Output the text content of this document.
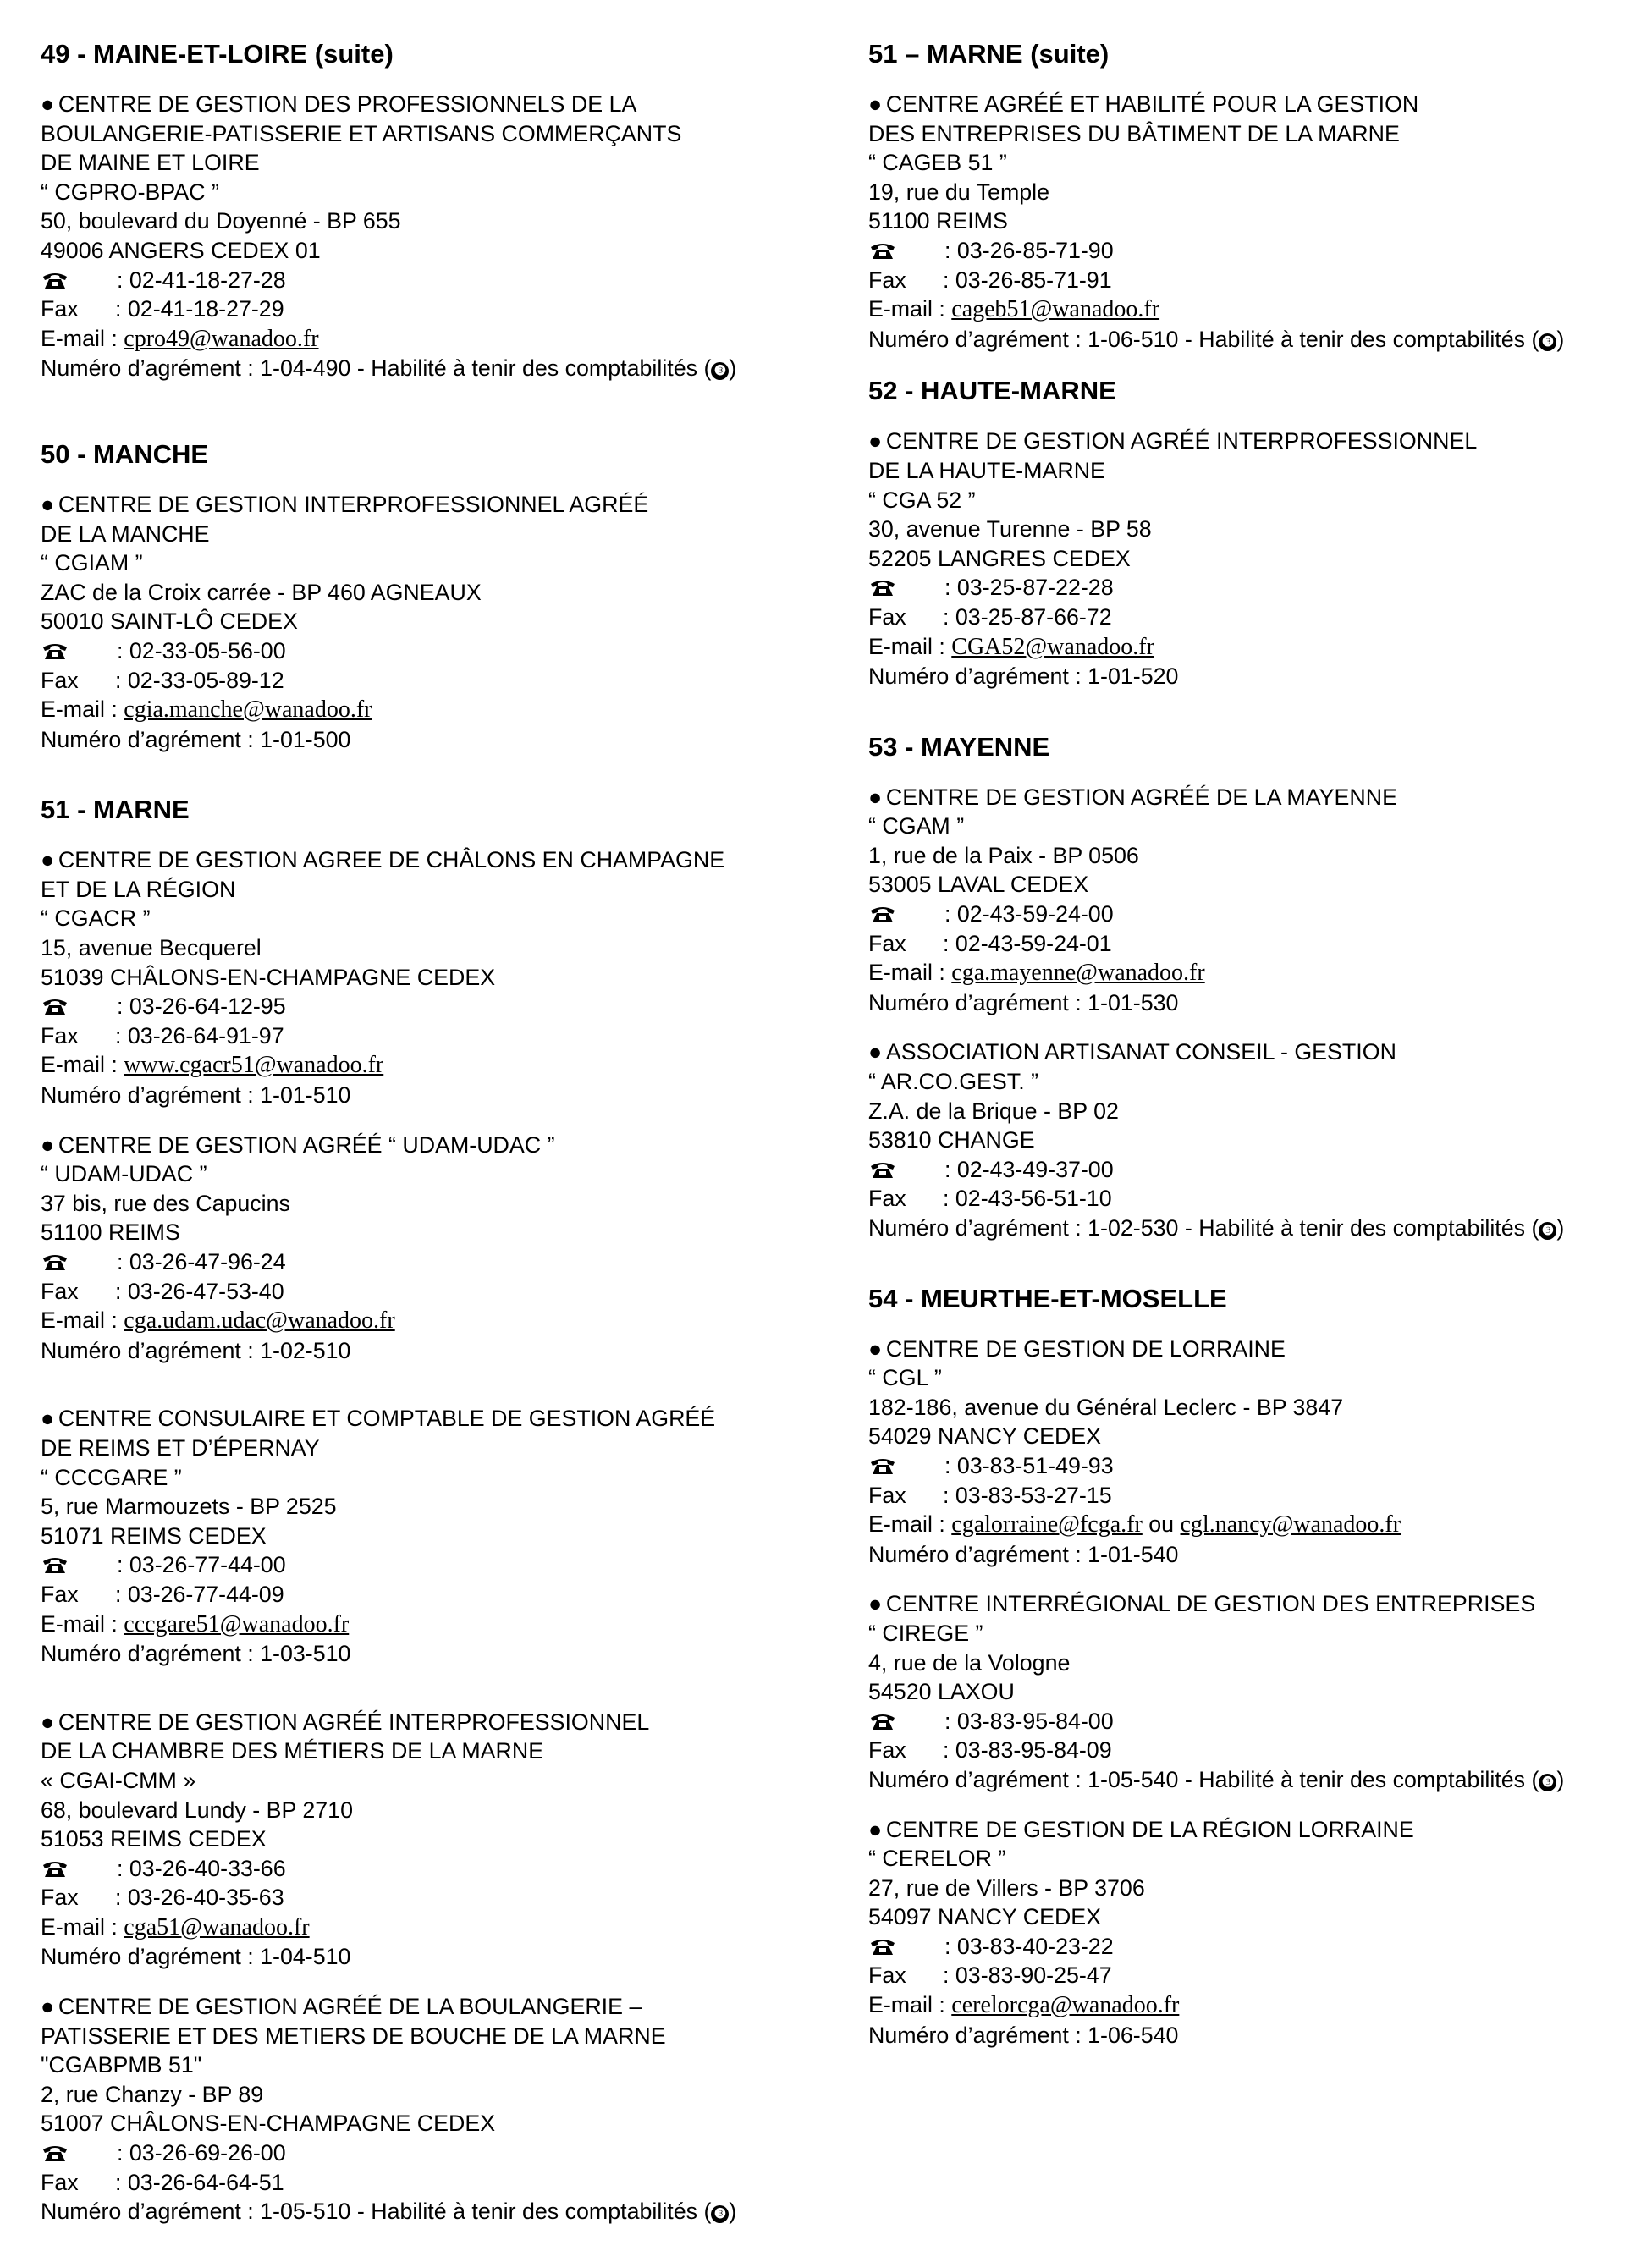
49 - MAINE-ET-LOIRE (suite)
● CENTRE DE GESTION DES PROFESSIONNELS DE LA
BOULANGERIE-PATISSERIE ET ARTISANS COMMERÇANTS
DE MAINE ET LOIRE
“ CGPRO-BPAC ”
50, boulevard du Doyenné - BP 655
49006 ANGERS CEDEX 01
: 02-41-18-27-28
Fax : 02-41-18-27-29
E-mail : cpro49@wanadoo.fr
Numéro d’agrément : 1-04-490 - Habilité à tenir des comptabilités ( ❸ )
50 - MANCHE
● CENTRE DE GESTION INTERPROFESSIONNEL AGRÉÉ
DE LA MANCHE
“ CGIAM ”
ZAC de la Croix carrée - BP 460 AGNEAUX
50010 SAINT-LÔ CEDEX
: 02-33-05-56-00
Fax : 02-33-05-89-12
E-mail : cgia.manche@wanadoo.fr
Numéro d’agrément : 1-01-500
51 - MARNE
● CENTRE DE GESTION AGREE DE CHÂLONS EN CHAMPAGNE
ET DE LA RÉGION
“ CGACR ”
15, avenue Becquerel
51039 CHÂLONS-EN-CHAMPAGNE CEDEX
: 03-26-64-12-95
Fax : 03-26-64-91-97
E-mail : www.cgacr51@wanadoo.fr
Numéro d’agrément : 1-01-510
● CENTRE DE GESTION AGRÉÉ “ UDAM-UDAC ”
“ UDAM-UDAC ”
37 bis, rue des Capucins
51100 REIMS
: 03-26-47-96-24
Fax : 03-26-47-53-40
E-mail : cga.udam.udac@wanadoo.fr
Numéro d’agrément : 1-02-510
● CENTRE CONSULAIRE ET COMPTABLE DE GESTION AGRÉÉ
DE REIMS ET D’ÉPERNAY
“ CCCGARE ”
5, rue Marmouzets - BP 2525
51071 REIMS CEDEX
: 03-26-77-44-00
Fax : 03-26-77-44-09
E-mail : cccgare51@wanadoo.fr
Numéro d’agrément : 1-03-510
● CENTRE DE GESTION AGRÉÉ INTERPROFESSIONNEL
DE LA CHAMBRE DES MÉTIERS DE LA MARNE
« CGAI-CMM »
68, boulevard Lundy - BP 2710
51053 REIMS CEDEX
: 03-26-40-33-66
Fax : 03-26-40-35-63
E-mail : cga51@wanadoo.fr
Numéro d’agrément : 1-04-510
● CENTRE DE GESTION AGRÉÉ DE LA BOULANGERIE –
PATISSERIE ET DES METIERS DE BOUCHE DE LA MARNE
"CGABPMB 51"
2, rue Chanzy - BP 89
51007 CHÂLONS-EN-CHAMPAGNE CEDEX
: 03-26-69-26-00
Fax : 03-26-64-64-51
Numéro d’agrément : 1-05-510 - Habilité à tenir des comptabilités ( ❸ )
51 – MARNE (suite)
● CENTRE AGRÉÉ ET HABILITÉ POUR LA GESTION
DES ENTREPRISES DU BÂTIMENT DE LA MARNE
“ CAGEB 51 ”
19, rue du Temple
51100 REIMS
: 03-26-85-71-90
Fax : 03-26-85-71-91
E-mail : cageb51@wanadoo.fr
Numéro d’agrément : 1-06-510 - Habilité à tenir des comptabilités ( ❸ )
52 - HAUTE-MARNE
● CENTRE DE GESTION AGRÉÉ INTERPROFESSIONNEL
DE LA HAUTE-MARNE
“ CGA 52 ”
30, avenue Turenne - BP 58
52205 LANGRES CEDEX
: 03-25-87-22-28
Fax : 03-25-87-66-72
E-mail : CGA52@wanadoo.fr
Numéro d’agrément : 1-01-520
53 - MAYENNE
● CENTRE DE GESTION AGRÉÉ DE LA MAYENNE
“ CGAM ”
1, rue de la Paix - BP 0506
53005 LAVAL CEDEX
: 02-43-59-24-00
Fax : 02-43-59-24-01
E-mail : cga.mayenne@wanadoo.fr
Numéro d’agrément : 1-01-530
● ASSOCIATION ARTISANAT CONSEIL - GESTION
“ AR.CO.GEST. ”
Z.A. de la Brique - BP 02
53810 CHANGE
: 02-43-49-37-00
Fax : 02-43-56-51-10
Numéro d’agrément : 1-02-530 - Habilité à tenir des comptabilités ( ❸ )
54 - MEURTHE-ET-MOSELLE
● CENTRE DE GESTION DE LORRAINE
“ CGL ”
182-186, avenue du Général Leclerc - BP 3847
54029 NANCY CEDEX
: 03-83-51-49-93
Fax : 03-83-53-27-15
E-mail : cgalorraine@fcga.fr ou cgl.nancy@wanadoo.fr
Numéro d’agrément : 1-01-540
● CENTRE INTERRÉGIONAL DE GESTION DES ENTREPRISES
“ CIREGE ”
4, rue de la Vologne
54520 LAXOU
: 03-83-95-84-00
Fax : 03-83-95-84-09
Numéro d’agrément : 1-05-540 - Habilité à tenir des comptabilités ( ❸ )
● CENTRE DE GESTION DE LA RÉGION LORRAINE
“ CERELOR ”
27, rue de Villers - BP 3706
54097 NANCY CEDEX
: 03-83-40-23-22
Fax : 03-83-90-25-47
E-mail : cerelorcga@wanadoo.fr
Numéro d’agrément : 1-06-540
